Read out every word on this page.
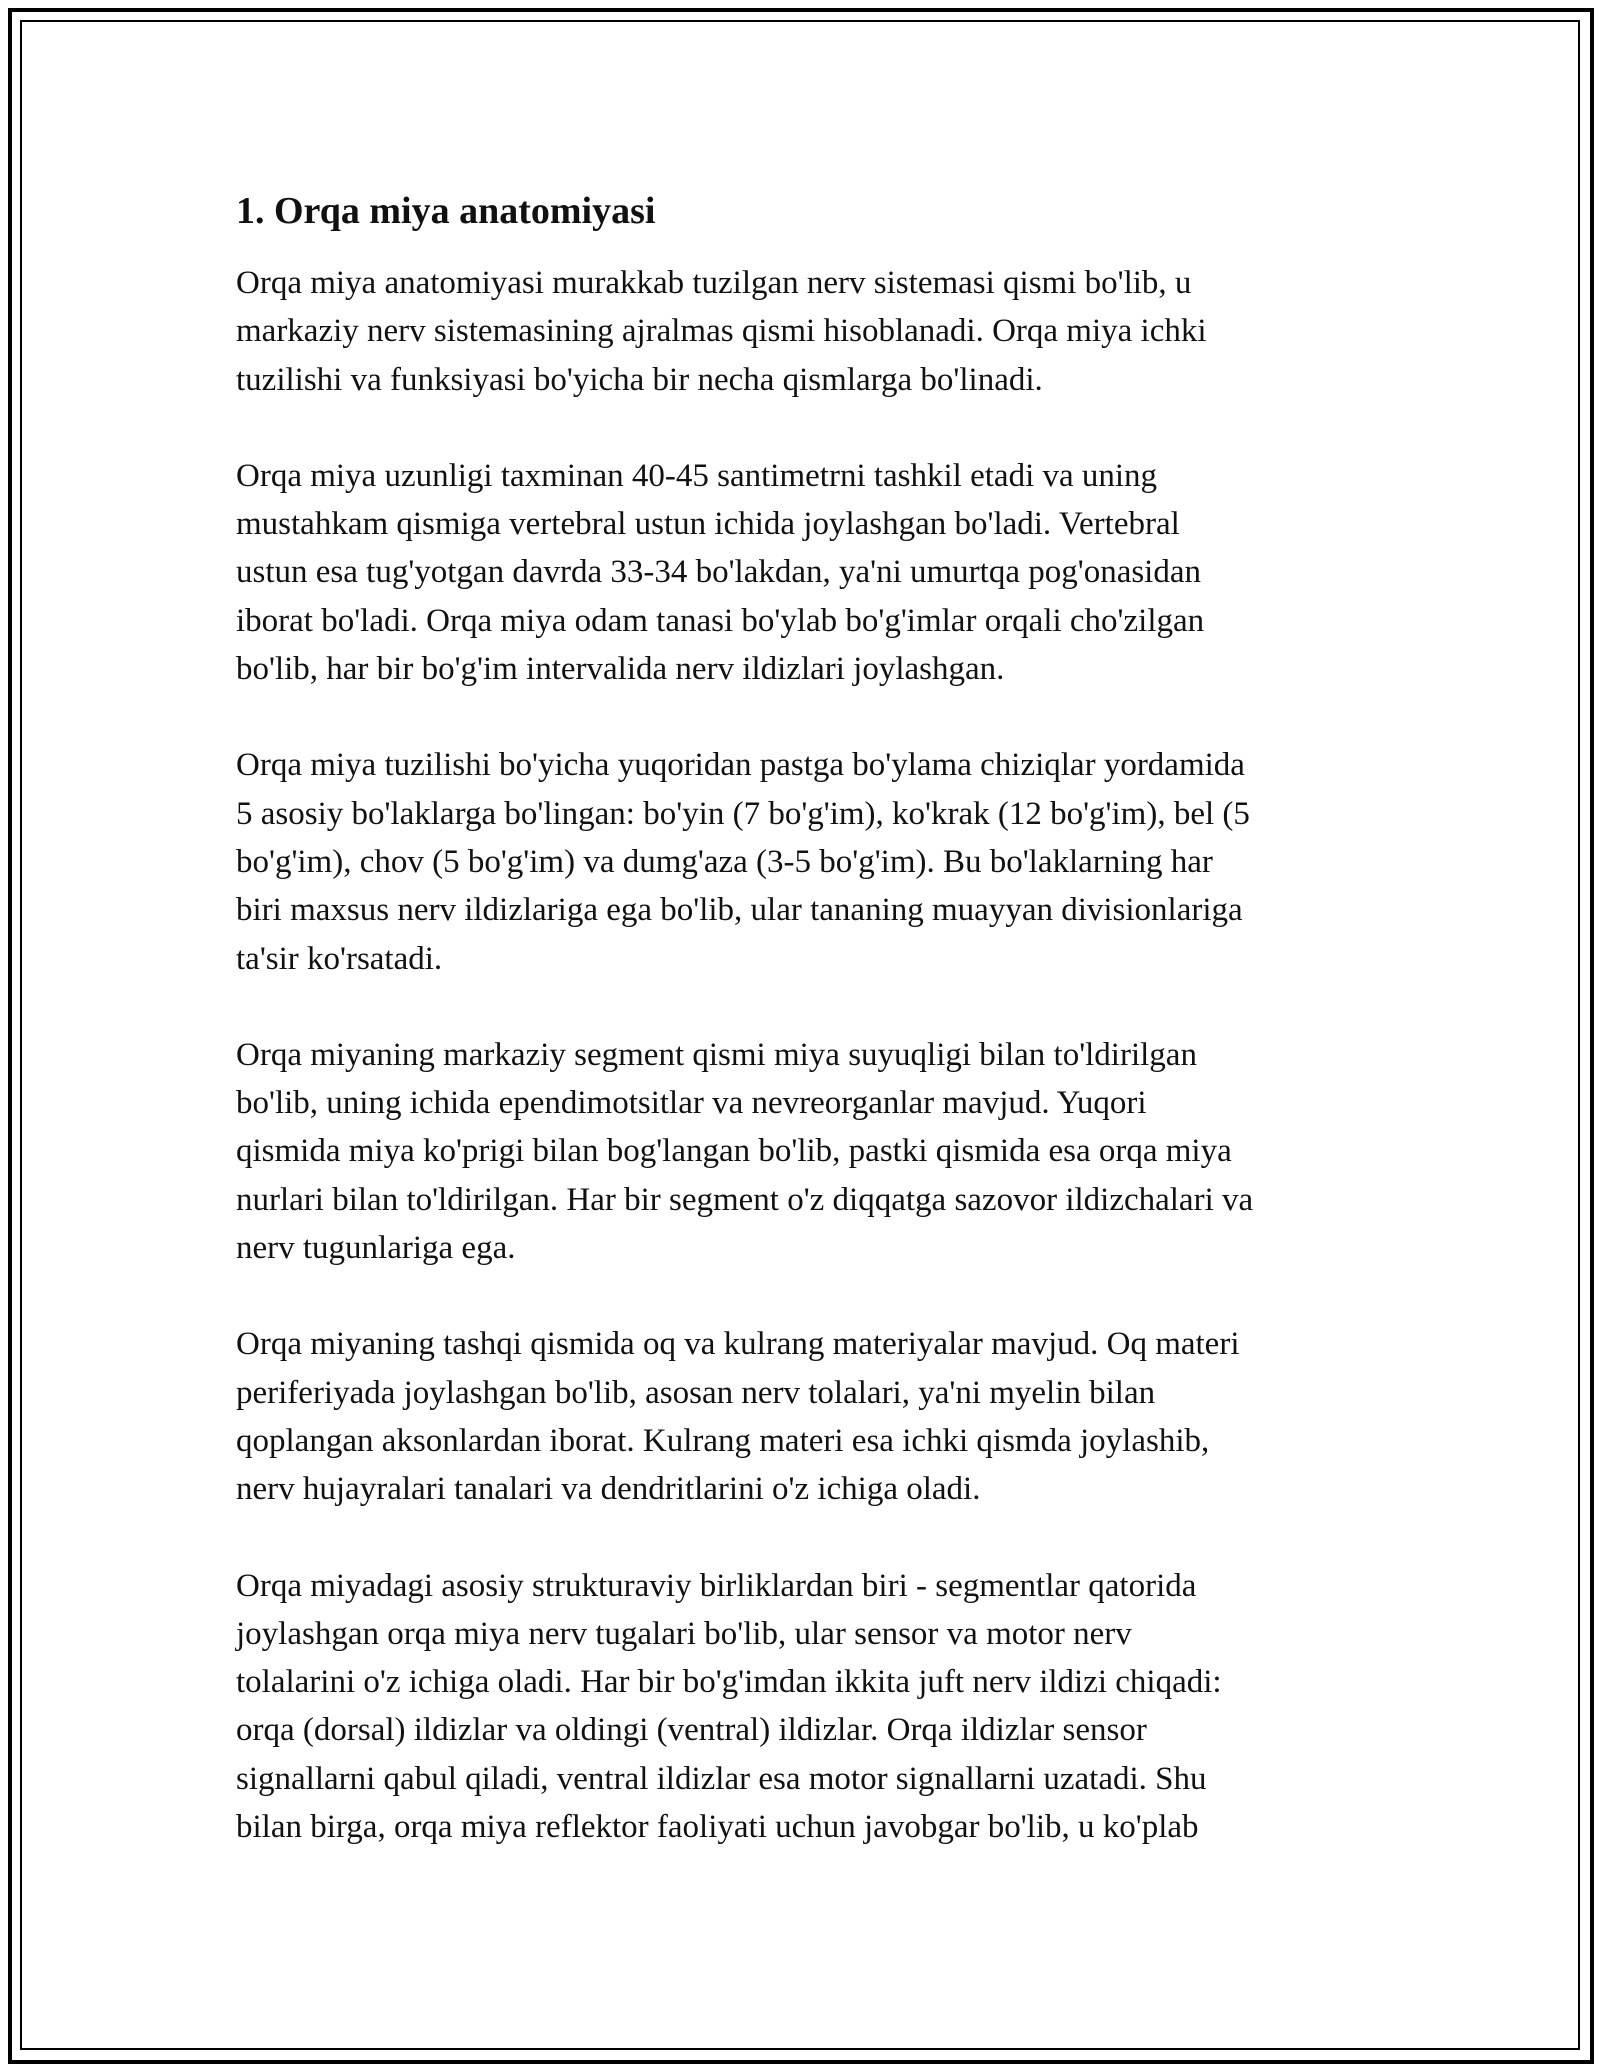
1. Orqa miya anatomiyasi

Orqa miya anatomiyasi murakkab tuzilgan nerv sistemasi qismi bo'lib, u
markaziy nerv sistemasining ajralmas qismi hisoblanadi. Orqa miya ichki
tuzilishi va funksiyasi bo'yicha bir necha qismlarga bo'linadi.

Orqa miya uzunligi taxminan 40-45 santimetrni tashkil etadi va uning
mustahkam qismiga vertebral ustun ichida joylashgan bo'ladi. Vertebral
ustun esa tug'yotgan davrda 33-34 bo'lakdan, ya'ni umurtqa pog'onasidan
iborat bo'ladi. Orqa miya odam tanasi bo'ylab bo'g'imlar orqali cho'zilgan
bo'lib, har bir bo'g'im intervalida nerv ildizlari joylashgan.

Orqa miya tuzilishi bo'yicha yuqoridan pastga bo'ylama chiziqlar yordamida
5 asosiy bo'laklarga bo'lingan: bo'yin (7 bo'g'im), ko'krak (12 bo'g'im), bel (5
bo'g'im), chov (5 bo'g'im) va dumg'aza (3-5 bo'g'im). Bu bo'laklarning har
biri maxsus nerv ildizlariga ega bo'lib, ular tananing muayyan divisionlariga
ta'sir ko'rsatadi.

Orqa miyaning markaziy segment qismi miya suyuqligi bilan to'ldirilgan
bo'lib, uning ichida ependimotsitlar va nevreorganlar mavjud. Yuqori
qismida miya ko'prigi bilan bog'langan bo'lib, pastki qismida esa orqa miya
nurlari bilan to'ldirilgan. Har bir segment o'z diqqatga sazovor ildizchalari va
nerv tugunlariga ega.

Orqa miyaning tashqi qismida oq va kulrang materiyalar mavjud. Oq materi
periferiyada joylashgan bo'lib, asosan nerv tolalari, ya'ni myelin bilan
qoplangan aksonlardan iborat. Kulrang materi esa ichki qismda joylashib,
nerv hujayralari tanalari va dendritlarini o'z ichiga oladi.

Orqa miyadagi asosiy strukturaviy birliklardan biri - segmentlar qatorida
joylashgan orqa miya nerv tugalari bo'lib, ular sensor va motor nerv
tolalarini o'z ichiga oladi. Har bir bo'g'imdan ikkita juft nerv ildizi chiqadi:
orqa (dorsal) ildizlar va oldingi (ventral) ildizlar. Orqa ildizlar sensor
signallarni qabul qiladi, ventral ildizlar esa motor signallarni uzatadi. Shu
bilan birga, orqa miya reflektor faoliyati uchun javobgar bo'lib, u ko'plab
